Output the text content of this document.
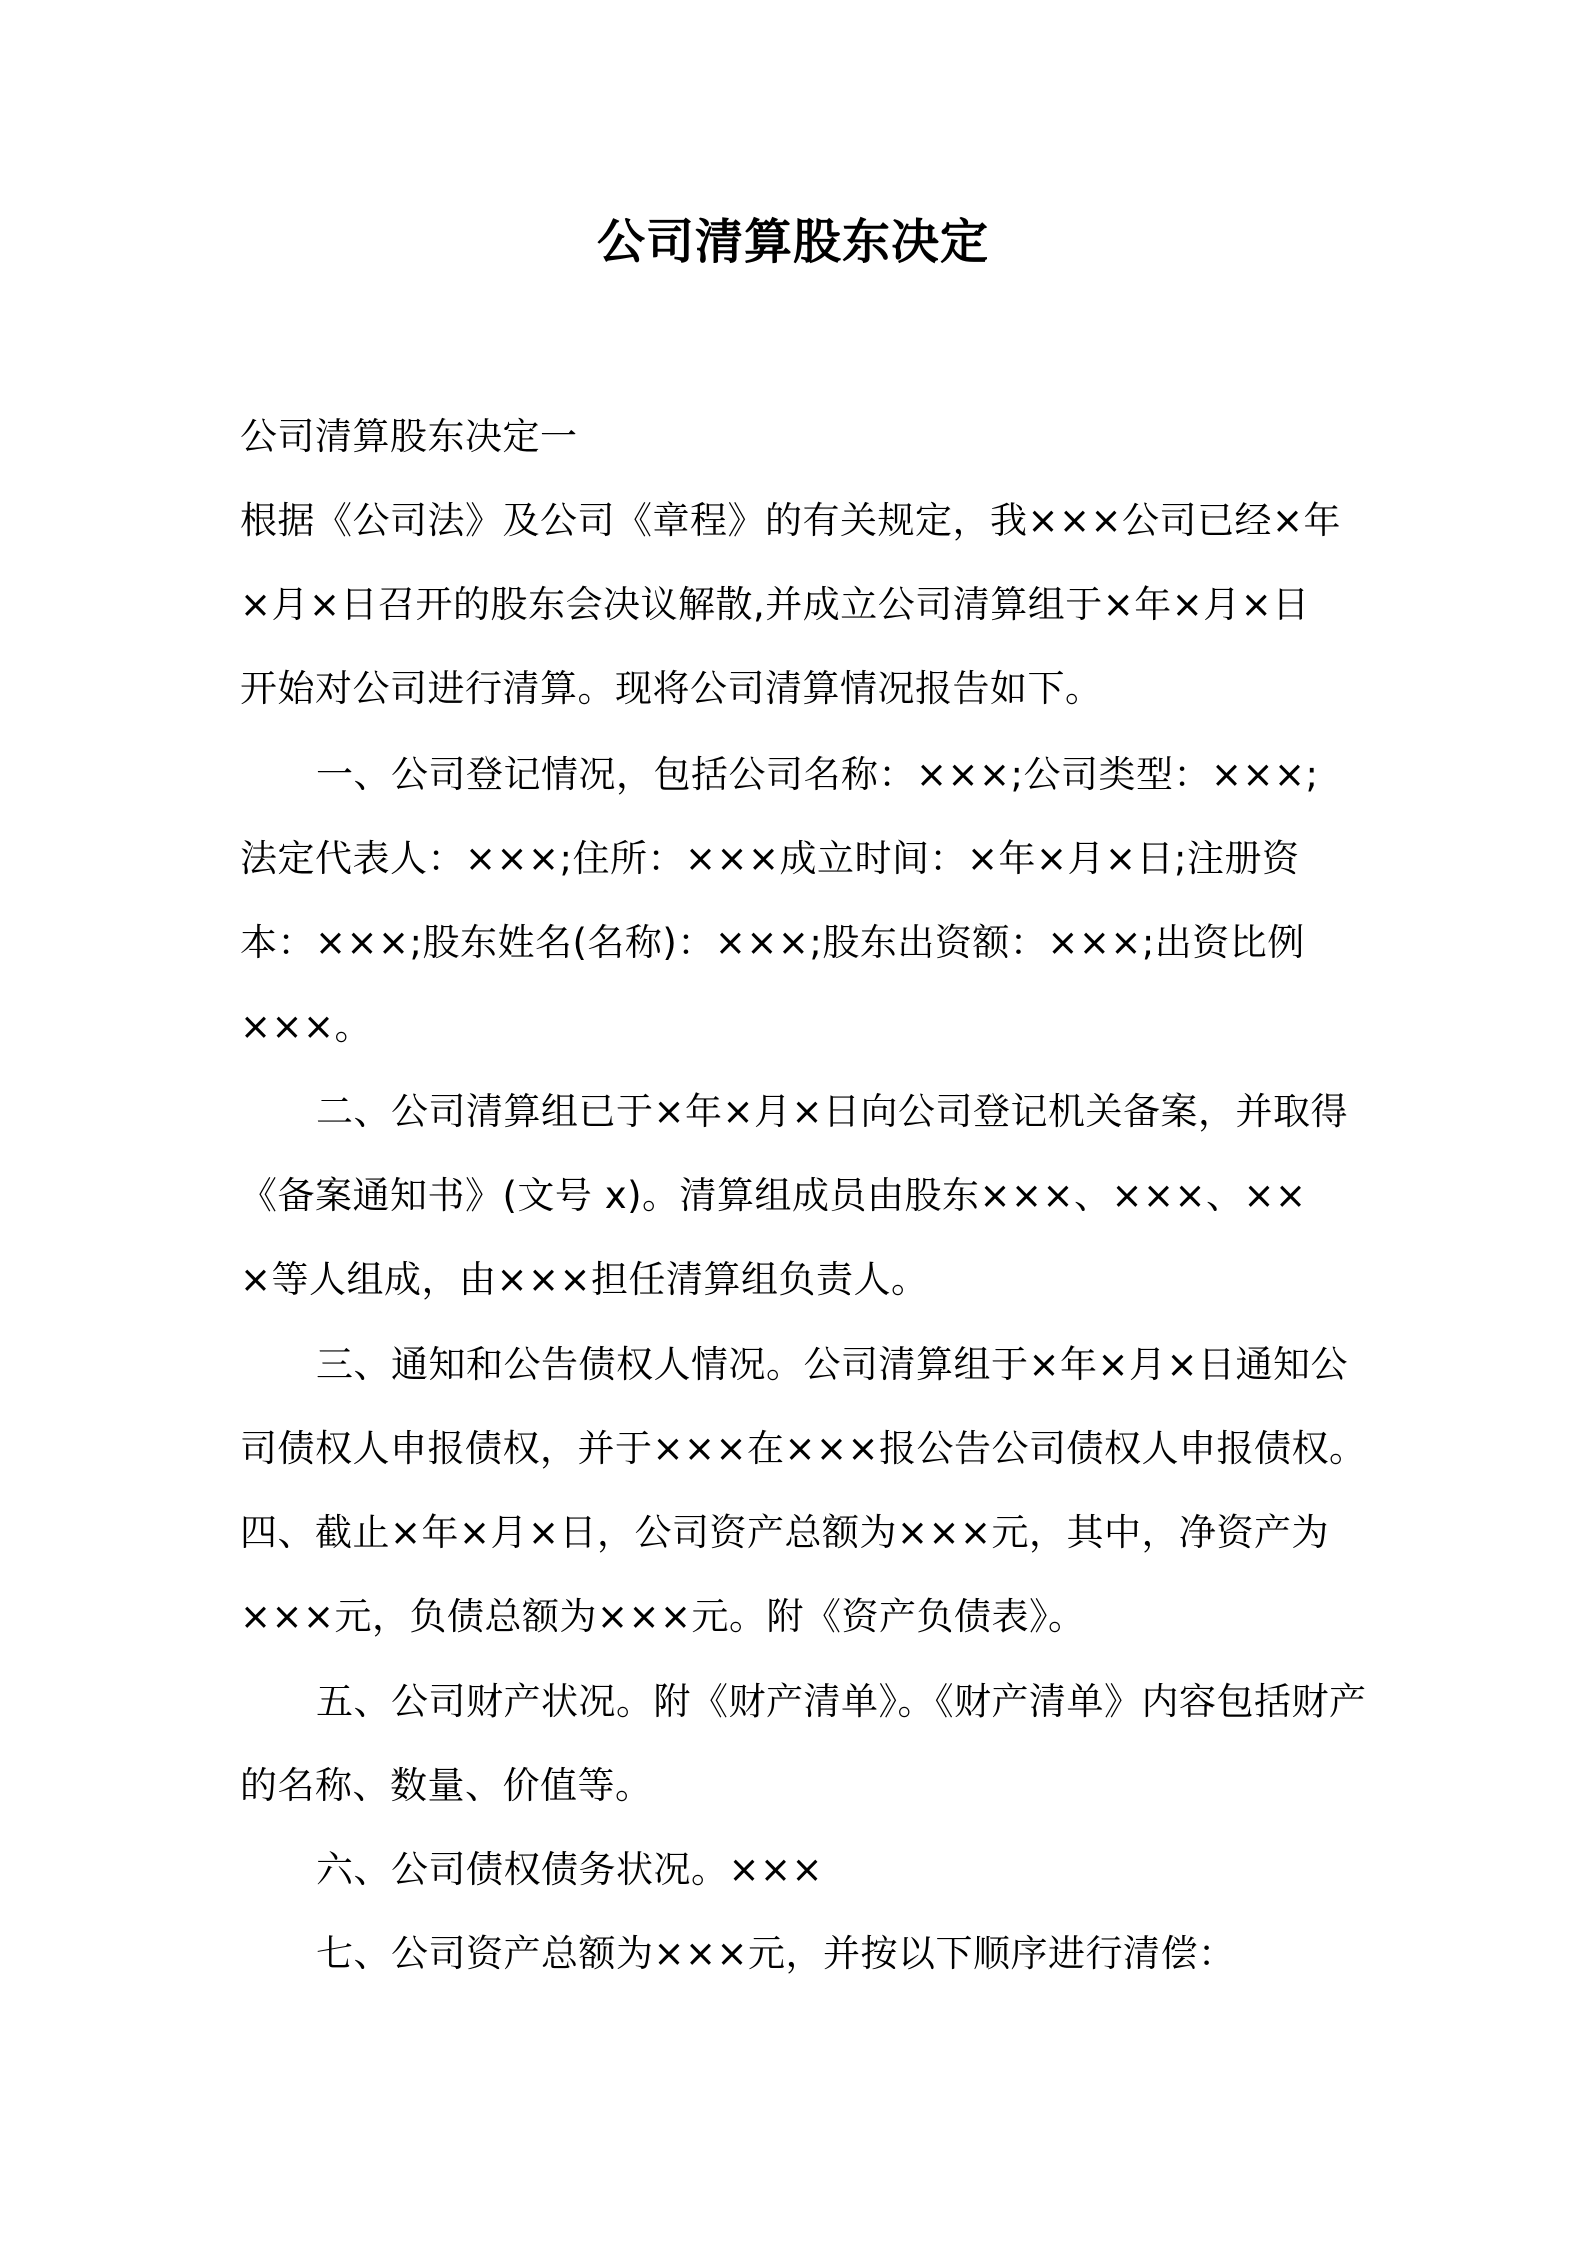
公司清算股东决定
公司清算股东决定一
根据《公司法》及公司《章程》的有关规定，我×××公司已经×年
×月×日召开的股东会决议解散,并成立公司清算组于×年×月×日
开始对公司进行清算。现将公司清算情况报告如下。
一、公司登记情况，包括公司名称：×××;公司类型：×××;
法定代表人：×××;住所：×××成立时间：×年×月×日;注册资
本：×××;股东姓名(名称)：×××;股东出资额：×××;出资比例
×××。
二、公司清算组已于×年×月×日向公司登记机关备案，并取得
《备案通知书》(文号 x)。清算组成员由股东×××、×××、××
×等人组成，由×××担任清算组负责人。
三、通知和公告债权人情况。公司清算组于×年×月×日通知公
司债权人申报债权，并于×××在×××报公告公司债权人申报债权。
四、截止×年×月×日，公司资产总额为×××元，其中，净资产为
×××元，负债总额为×××元。附《资产负债表》。
五、公司财产状况。附《财产清单》。《财产清单》内容包括财产
的名称、数量、价值等。
六、公司债权债务状况。×××
七、公司资产总额为×××元，并按以下顺序进行清偿：
